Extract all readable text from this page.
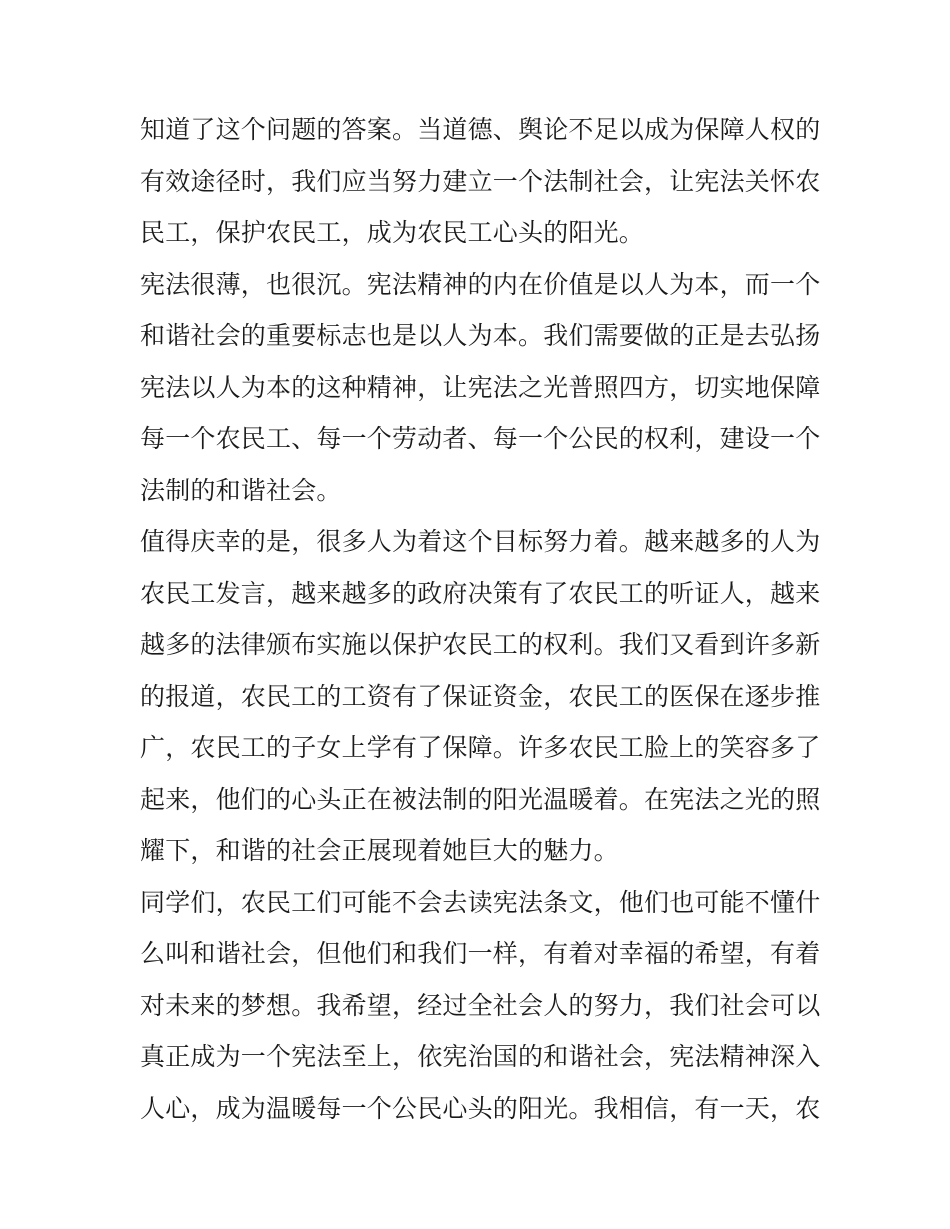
知道了这个问题的答案。当道德、舆论不足以成为保障人权的
有效途径时，我们应当努力建立一个法制社会，让宪法关怀农
民工，保护农民工，成为农民工心头的阳光。
宪法很薄，也很沉。宪法精神的内在价值是以人为本，而一个
和谐社会的重要标志也是以人为本。我们需要做的正是去弘扬
宪法以人为本的这种精神，让宪法之光普照四方，切实地保障
每一个农民工、每一个劳动者、每一个公民的权利，建设一个
法制的和谐社会。
值得庆幸的是，很多人为着这个目标努力着。越来越多的人为
农民工发言，越来越多的政府决策有了农民工的听证人，越来
越多的法律颁布实施以保护农民工的权利。我们又看到许多新
的报道，农民工的工资有了保证资金，农民工的医保在逐步推
广，农民工的子女上学有了保障。许多农民工脸上的笑容多了
起来，他们的心头正在被法制的阳光温暖着。在宪法之光的照
耀下，和谐的社会正展现着她巨大的魅力。
同学们，农民工们可能不会去读宪法条文，他们也可能不懂什
么叫和谐社会，但他们和我们一样，有着对幸福的希望，有着
对未来的梦想。我希望，经过全社会人的努力，我们社会可以
真正成为一个宪法至上，依宪治国的和谐社会，宪法精神深入
人心，成为温暖每一个公民心头的阳光。我相信，有一天，农
